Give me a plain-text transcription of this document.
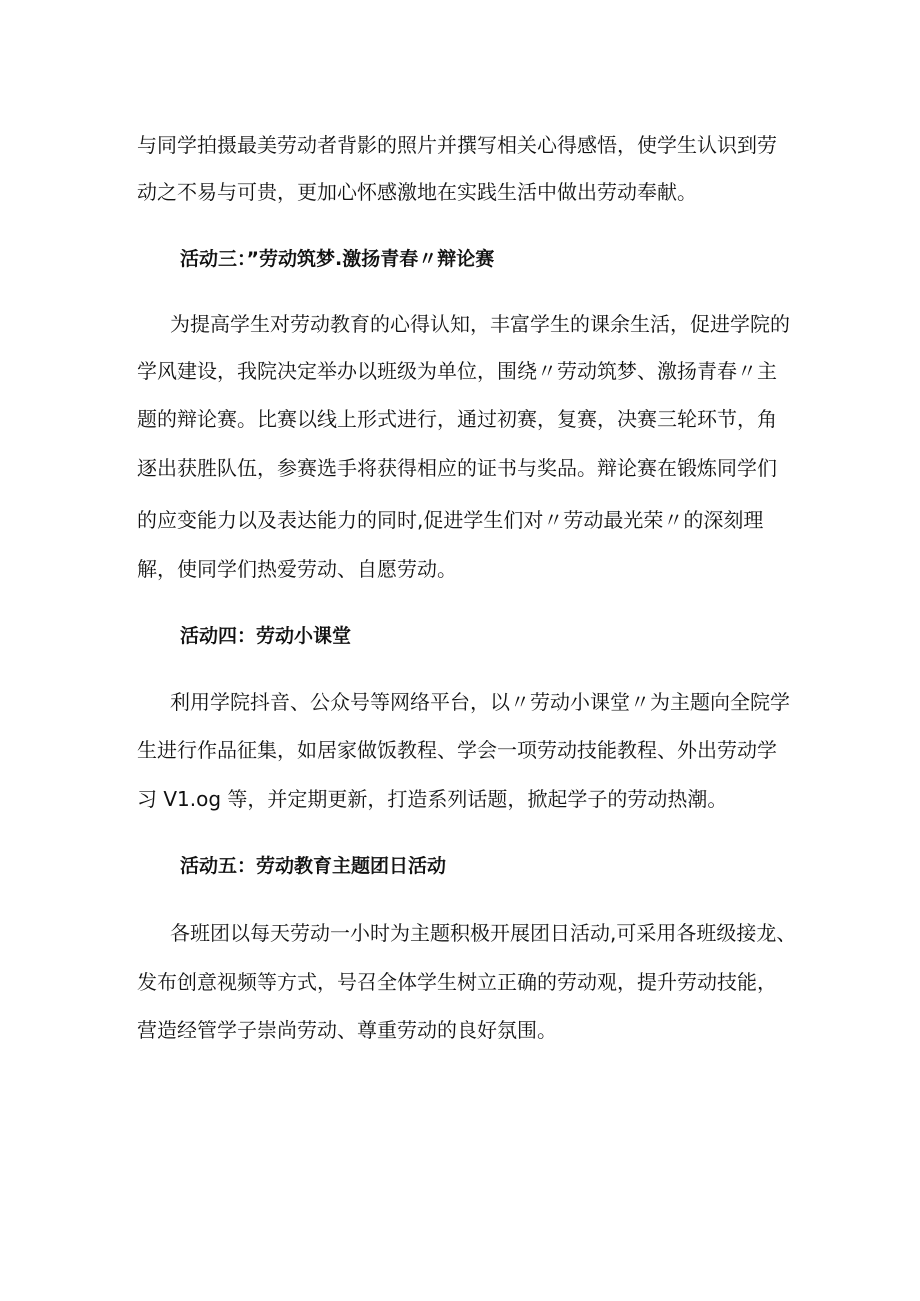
与同学拍摄最美劳动者背影的照片并撰写相关心得感悟，使学生认识到劳
动之不易与可贵，更加心怀感激地在实践生活中做出劳动奉献。
活动三：”劳动筑梦.激扬青春〃辩论赛
为提高学生对劳动教育的心得认知，丰富学生的课余生活，促进学院的
学风建设，我院决定举办以班级为单位，围绕〃劳动筑梦、激扬青春〃主
题的辩论赛。比赛以线上形式进行，通过初赛，复赛，决赛三轮环节，角
逐出获胜队伍，参赛选手将获得相应的证书与奖品。辩论赛在锻炼同学们
的应变能力以及表达能力的同时,促进学生们对〃劳动最光荣〃的深刻理
解，使同学们热爱劳动、自愿劳动。
活动四：劳动小课堂
利用学院抖音、公众号等网络平台，以〃劳动小课堂〃为主题向全院学
生进行作品征集，如居家做饭教程、学会一项劳动技能教程、外出劳动学
习 V1.og 等，并定期更新，打造系列话题，掀起学子的劳动热潮。
活动五：劳动教育主题团日活动
各班团以每天劳动一小时为主题积极开展团日活动,可采用各班级接龙、
发布创意视频等方式，号召全体学生树立正确的劳动观，提升劳动技能，
营造经管学子崇尚劳动、尊重劳动的良好氛围。
